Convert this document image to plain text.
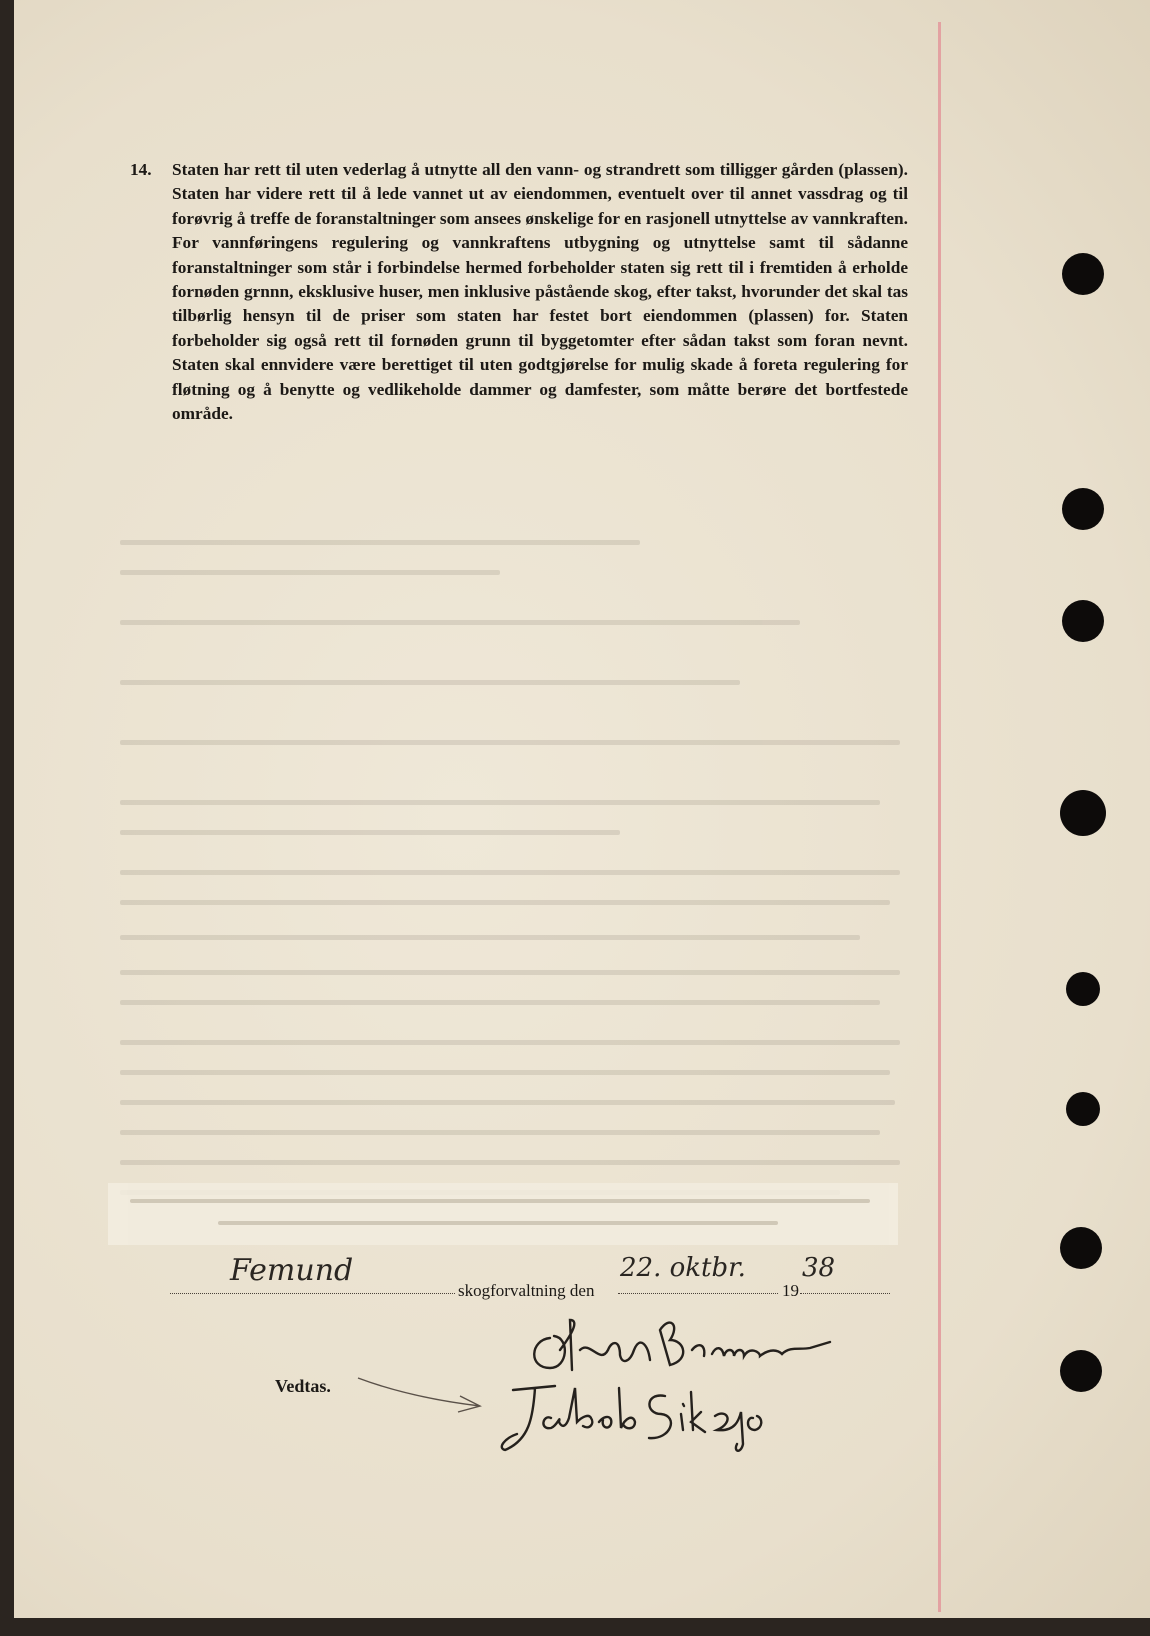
14. Staten har rett til uten vederlag å utnytte all den vann- og strandrett som tilligger gården (plassen). Staten har videre rett til å lede vannet ut av eiendommen, eventuelt over til annet vassdrag og til forøvrig å treffe de foranstaltninger som ansees ønskelige for en rasjonell utnyttelse av vannkraften. For vannføringens regulering og vannkraftens utbygning og utnyttelse samt til sådanne foranstaltninger som står i forbindelse hermed forbeholder staten sig rett til i fremtiden å erholde fornøden grnnn, eksklusive huser, men inklusive påstående skog, efter takst, hvorunder det skal tas tilbørlig hensyn til de priser som staten har festet bort eiendommen (plassen) for. Staten forbeholder sig også rett til fornøden grunn til byggetomter efter sådan takst som foran nevnt. Staten skal ennvidere være berettiget til uten godtgjørelse for mulig skade å foreta regulering for fløtning og å benytte og vedlikeholde dammer og damfester, som måtte berøre det bortfestede område.
Femund
skogforvaltning den
22. oktbr.
19
38
Vedtas.
